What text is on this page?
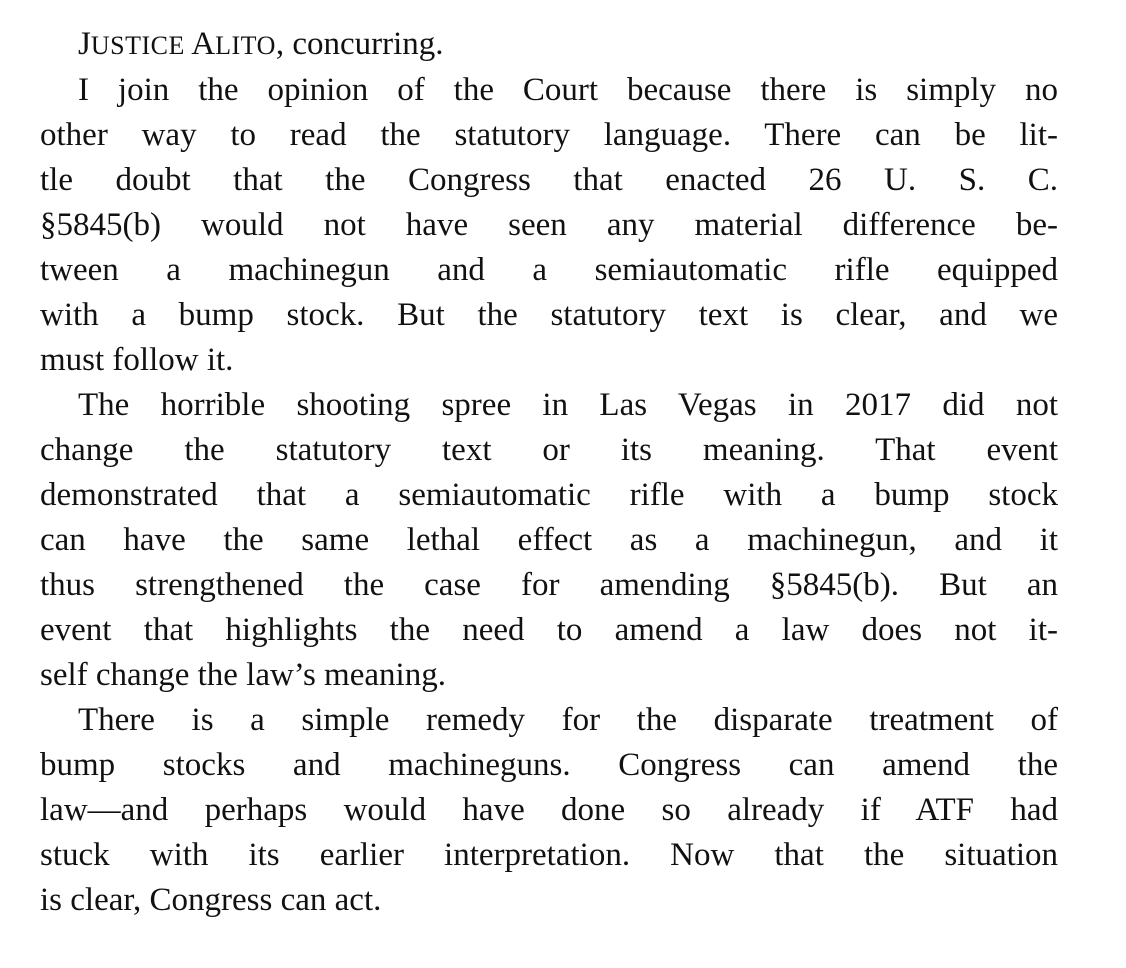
JUSTICE ALITO, concurring.
I join the opinion of the Court because there is simply no
other way to read the statutory language. There can be lit-
tle doubt that the Congress that enacted 26 U. S. C.
§5845(b) would not have seen any material difference be-
tween a machinegun and a semiautomatic rifle equipped
with a bump stock. But the statutory text is clear, and we
must follow it.
The horrible shooting spree in Las Vegas in 2017 did not
change the statutory text or its meaning. That event
demonstrated that a semiautomatic rifle with a bump stock
can have the same lethal effect as a machinegun, and it
thus strengthened the case for amending §5845(b). But an
event that highlights the need to amend a law does not it-
self change the law’s meaning.
There is a simple remedy for the disparate treatment of
bump stocks and machineguns. Congress can amend the
law—and perhaps would have done so already if ATF had
stuck with its earlier interpretation. Now that the situation
is clear, Congress can act.
